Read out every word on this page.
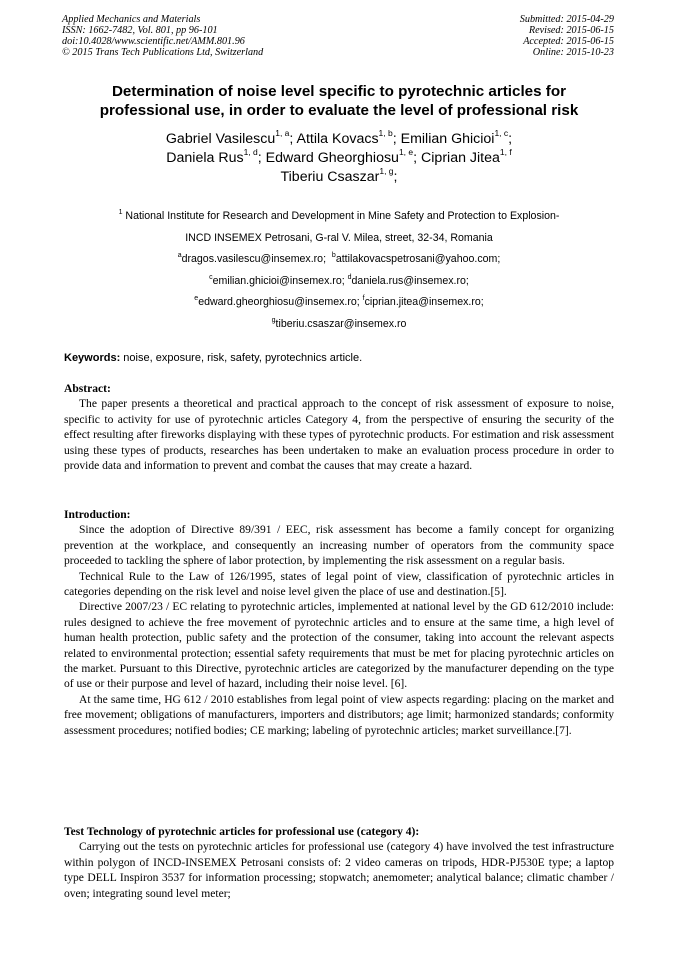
Applied Mechanics and Materials
ISSN: 1662-7482, Vol. 801, pp 96-101
doi:10.4028/www.scientific.net/AMM.801.96
© 2015 Trans Tech Publications Ltd, Switzerland
Submitted: 2015-04-29
Revised: 2015-06-15
Accepted: 2015-06-15
Online: 2015-10-23
Determination of noise level specific to pyrotechnic articles for
professional use, in order to evaluate the level of professional risk
Gabriel Vasilescu$^{1, a}$; Attila Kovacs$^{1, b}$; Emilian Ghicioi$^{1, c}$;
Daniela Rus$^{1, d}$; Edward Gheorghiosu$^{1, e}$; Ciprian Jitea$^{1, f}$
Tiberiu Csaszar$^{1, g}$;
$^1$ National Institute for Research and Development in Mine Safety and Protection to Explosion-
INCD INSEMEX Petrosani, G-ral V. Milea, street, 32-34, Romania
$^a$dragos.vasilescu@insemex.ro; $^b$attilakovacspetrosani@yahoo.com;
$^c$emilian.ghicioi@insemex.ro; $^d$daniela.rus@insemex.ro;
$^e$edward.gheorghiosu@insemex.ro; $^f$ciprian.jitea@insemex.ro;
$^g$tiberiu.csaszar@insemex.ro
Keywords: noise, exposure, risk, safety, pyrotechnics article.
Abstract:
The paper presents a theoretical and practical approach to the concept of risk assessment of exposure to noise, specific to activity for use of pyrotechnic articles Category 4, from the perspective of ensuring the security of the effect resulting after fireworks displaying with these types of pyrotechnic products. For estimation and risk assessment using these types of products, researches has been undertaken to make an evaluation process procedure in order to provide data and information to prevent and combat the causes that may create a hazard.
Introduction:
Since the adoption of Directive 89/391 / EEC, risk assessment has become a family concept for organizing prevention at the workplace, and consequently an increasing number of operators from the community space proceeded to tackling the sphere of labor protection, by implementing the risk assessment on a regular basis.
Technical Rule to the Law of 126/1995, states of legal point of view, classification of pyrotechnic articles in categories depending on the risk level and noise level given the place of use and destination.[5].
Directive 2007/23 / EC relating to pyrotechnic articles, implemented at national level by the GD 612/2010 include: rules designed to achieve the free movement of pyrotechnic articles and to ensure at the same time, a high level of human health protection, public safety and the protection of the consumer, taking into account the relevant aspects related to environmental protection; essential safety requirements that must be met for placing pyrotechnic articles on the market. Pursuant to this Directive, pyrotechnic articles are categorized by the manufacturer depending on the type of use or their purpose and level of hazard, including their noise level. [6].
At the same time, HG 612 / 2010 establishes from legal point of view aspects regarding: placing on the market and free movement; obligations of manufacturers, importers and distributors; age limit; harmonized standards; conformity assessment procedures; notified bodies; CE marking; labeling of pyrotechnic articles; market surveillance.[7].
Test Technology of pyrotechnic articles for professional use (category 4):
Carrying out the tests on pyrotechnic articles for professional use (category 4) have involved the test infrastructure within polygon of INCD-INSEMEX Petrosani consists of: 2 video cameras on tripods, HDR-PJ530E type; a laptop type DELL Inspiron 3537 for information processing; stopwatch; anemometer; analytical balance; climatic chamber / oven; integrating sound level meter;
